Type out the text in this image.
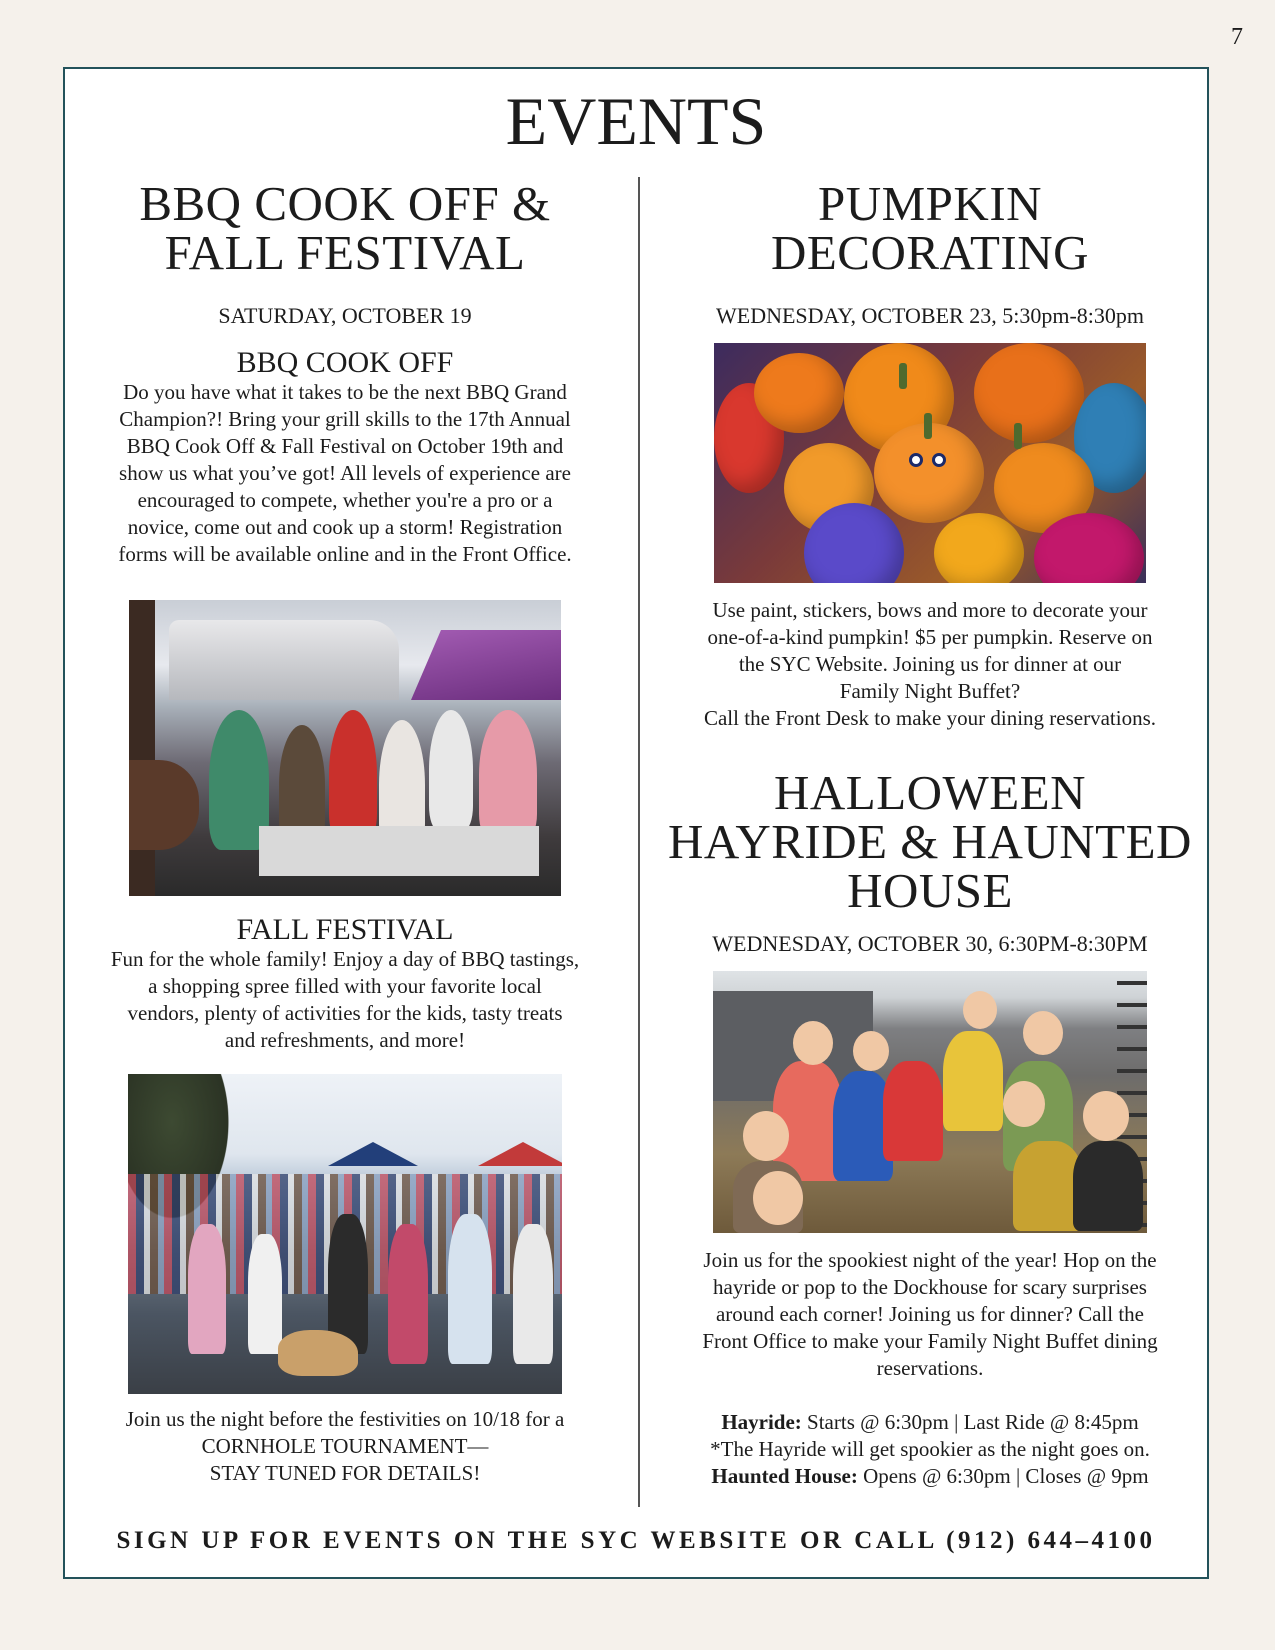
7
EVENTS
BBQ COOK OFF &
FALL FESTIVAL

SATURDAY, OCTOBER 19

BBQ COOK OFF

Do you have what it takes to be the next BBQ Grand
Champion?! Bring your grill skills to the 17th Annual
BBQ Cook Off & Fall Festival on October 19th and
show us what you’ve got! All levels of experience are
encouraged to compete, whether you're a pro or a
novice, come out and cook up a storm! Registration
forms will be available online and in the Front Office.

FALL FESTIVAL

Fun for the whole family! Enjoy a day of BBQ tastings,
a shopping spree filled with your favorite local
vendors, plenty of activities for the kids, tasty treats
and refreshments, and more!

Join us the night before the festivities on 10/18 for a
CORNHOLE TOURNAMENT—
STAY TUNED FOR DETAILS!

PUMPKIN
DECORATING

WEDNESDAY, OCTOBER 23, 5:30pm-8:30pm

Use paint, stickers, bows and more to decorate your
one-of-a-kind pumpkin! $5 per pumpkin. Reserve on
the SYC Website. Joining us for dinner at our
Family Night Buffet?
Call the Front Desk to make your dining reservations.

HALLOWEEN
HAYRIDE & HAUNTED
HOUSE

WEDNESDAY, OCTOBER 30, 6:30PM-8:30PM

Join us for the spookiest night of the year! Hop on the
hayride or pop to the Dockhouse for scary surprises
around each corner! Joining us for dinner? Call the
Front Office to make your Family Night Buffet dining
reservations.

Hayride: Starts @ 6:30pm | Last Ride @ 8:45pm
*The Hayride will get spookier as the night goes on.
Haunted House: Opens @ 6:30pm | Closes @ 9pm

SIGN UP FOR EVENTS ON THE SYC WEBSITE OR CALL (912) 644–4100
